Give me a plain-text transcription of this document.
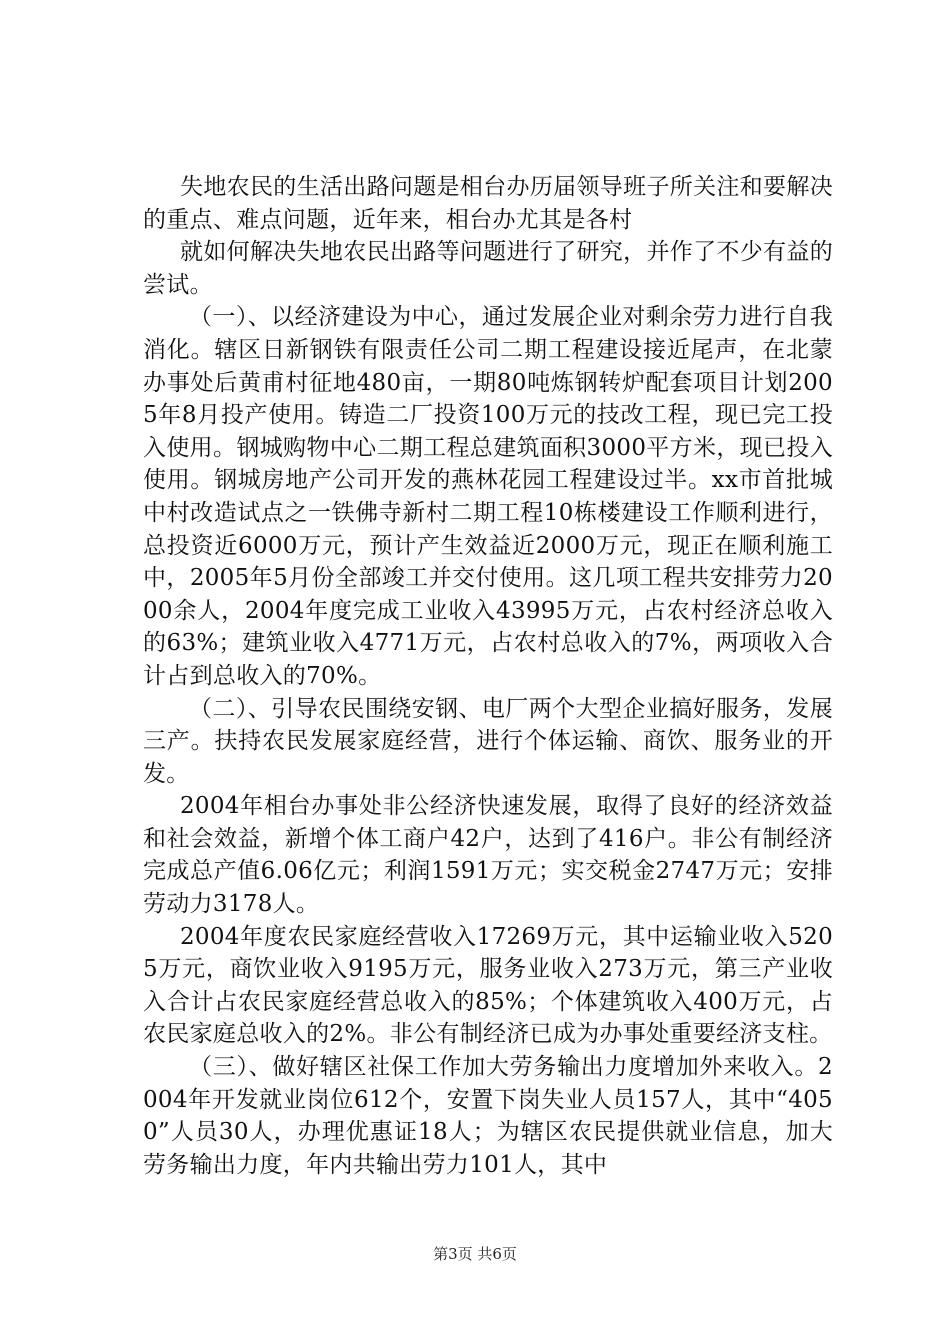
失地农民的生活出路问题是相台办历届领导班子所关注和要解决的重点、难点问题，近年来，相台办尤其是各村

就如何解决失地农民出路等问题进行了研究，并作了不少有益的尝试。

（一）、以经济建设为中心，通过发展企业对剩余劳力进行自我消化。辖区日新钢铁有限责任公司二期工程建设接近尾声，在北蒙办事处后黄甫村征地480亩，一期80吨炼钢转炉配套项目计划2005年8月投产使用。铸造二厂投资100万元的技改工程，现已完工投入使用。钢城购物中心二期工程总建筑面积3000平方米，现已投入使用。钢城房地产公司开发的燕林花园工程建设过半。xx市首批城中村改造试点之一铁佛寺新村二期工程10栋楼建设工作顺利进行，总投资近6000万元，预计产生效益近2000万元，现正在顺利施工中，2005年5月份全部竣工并交付使用。这几项工程共安排劳力2000余人，2004年度完成工业收入43995万元，占农村经济总收入的63%；建筑业收入4771万元，占农村总收入的7%，两项收入合计占到总收入的70%。

（二）、引导农民围绕安钢、电厂两个大型企业搞好服务，发展三产。扶持农民发展家庭经营，进行个体运输、商饮、服务业的开发。

2004年相台办事处非公经济快速发展，取得了良好的经济效益和社会效益，新增个体工商户42户，达到了416户。非公有制经济完成总产值6.06亿元；利润1591万元；实交税金2747万元；安排劳动力3178人。

2004年度农民家庭经营收入17269万元，其中运输业收入5205万元，商饮业收入9195万元，服务业收入273万元，第三产业收入合计占农民家庭经营总收入的85%；个体建筑收入400万元，占农民家庭总收入的2%。非公有制经济已成为办事处重要经济支柱。

（三）、做好辖区社保工作加大劳务输出力度增加外来收入。2004年开发就业岗位612个，安置下岗失业人员157人，其中“4050”人员30人，办理优惠证18人；为辖区农民提供就业信息，加大劳务输出力度，年内共输出劳力101人，其中

第3页 共6页
